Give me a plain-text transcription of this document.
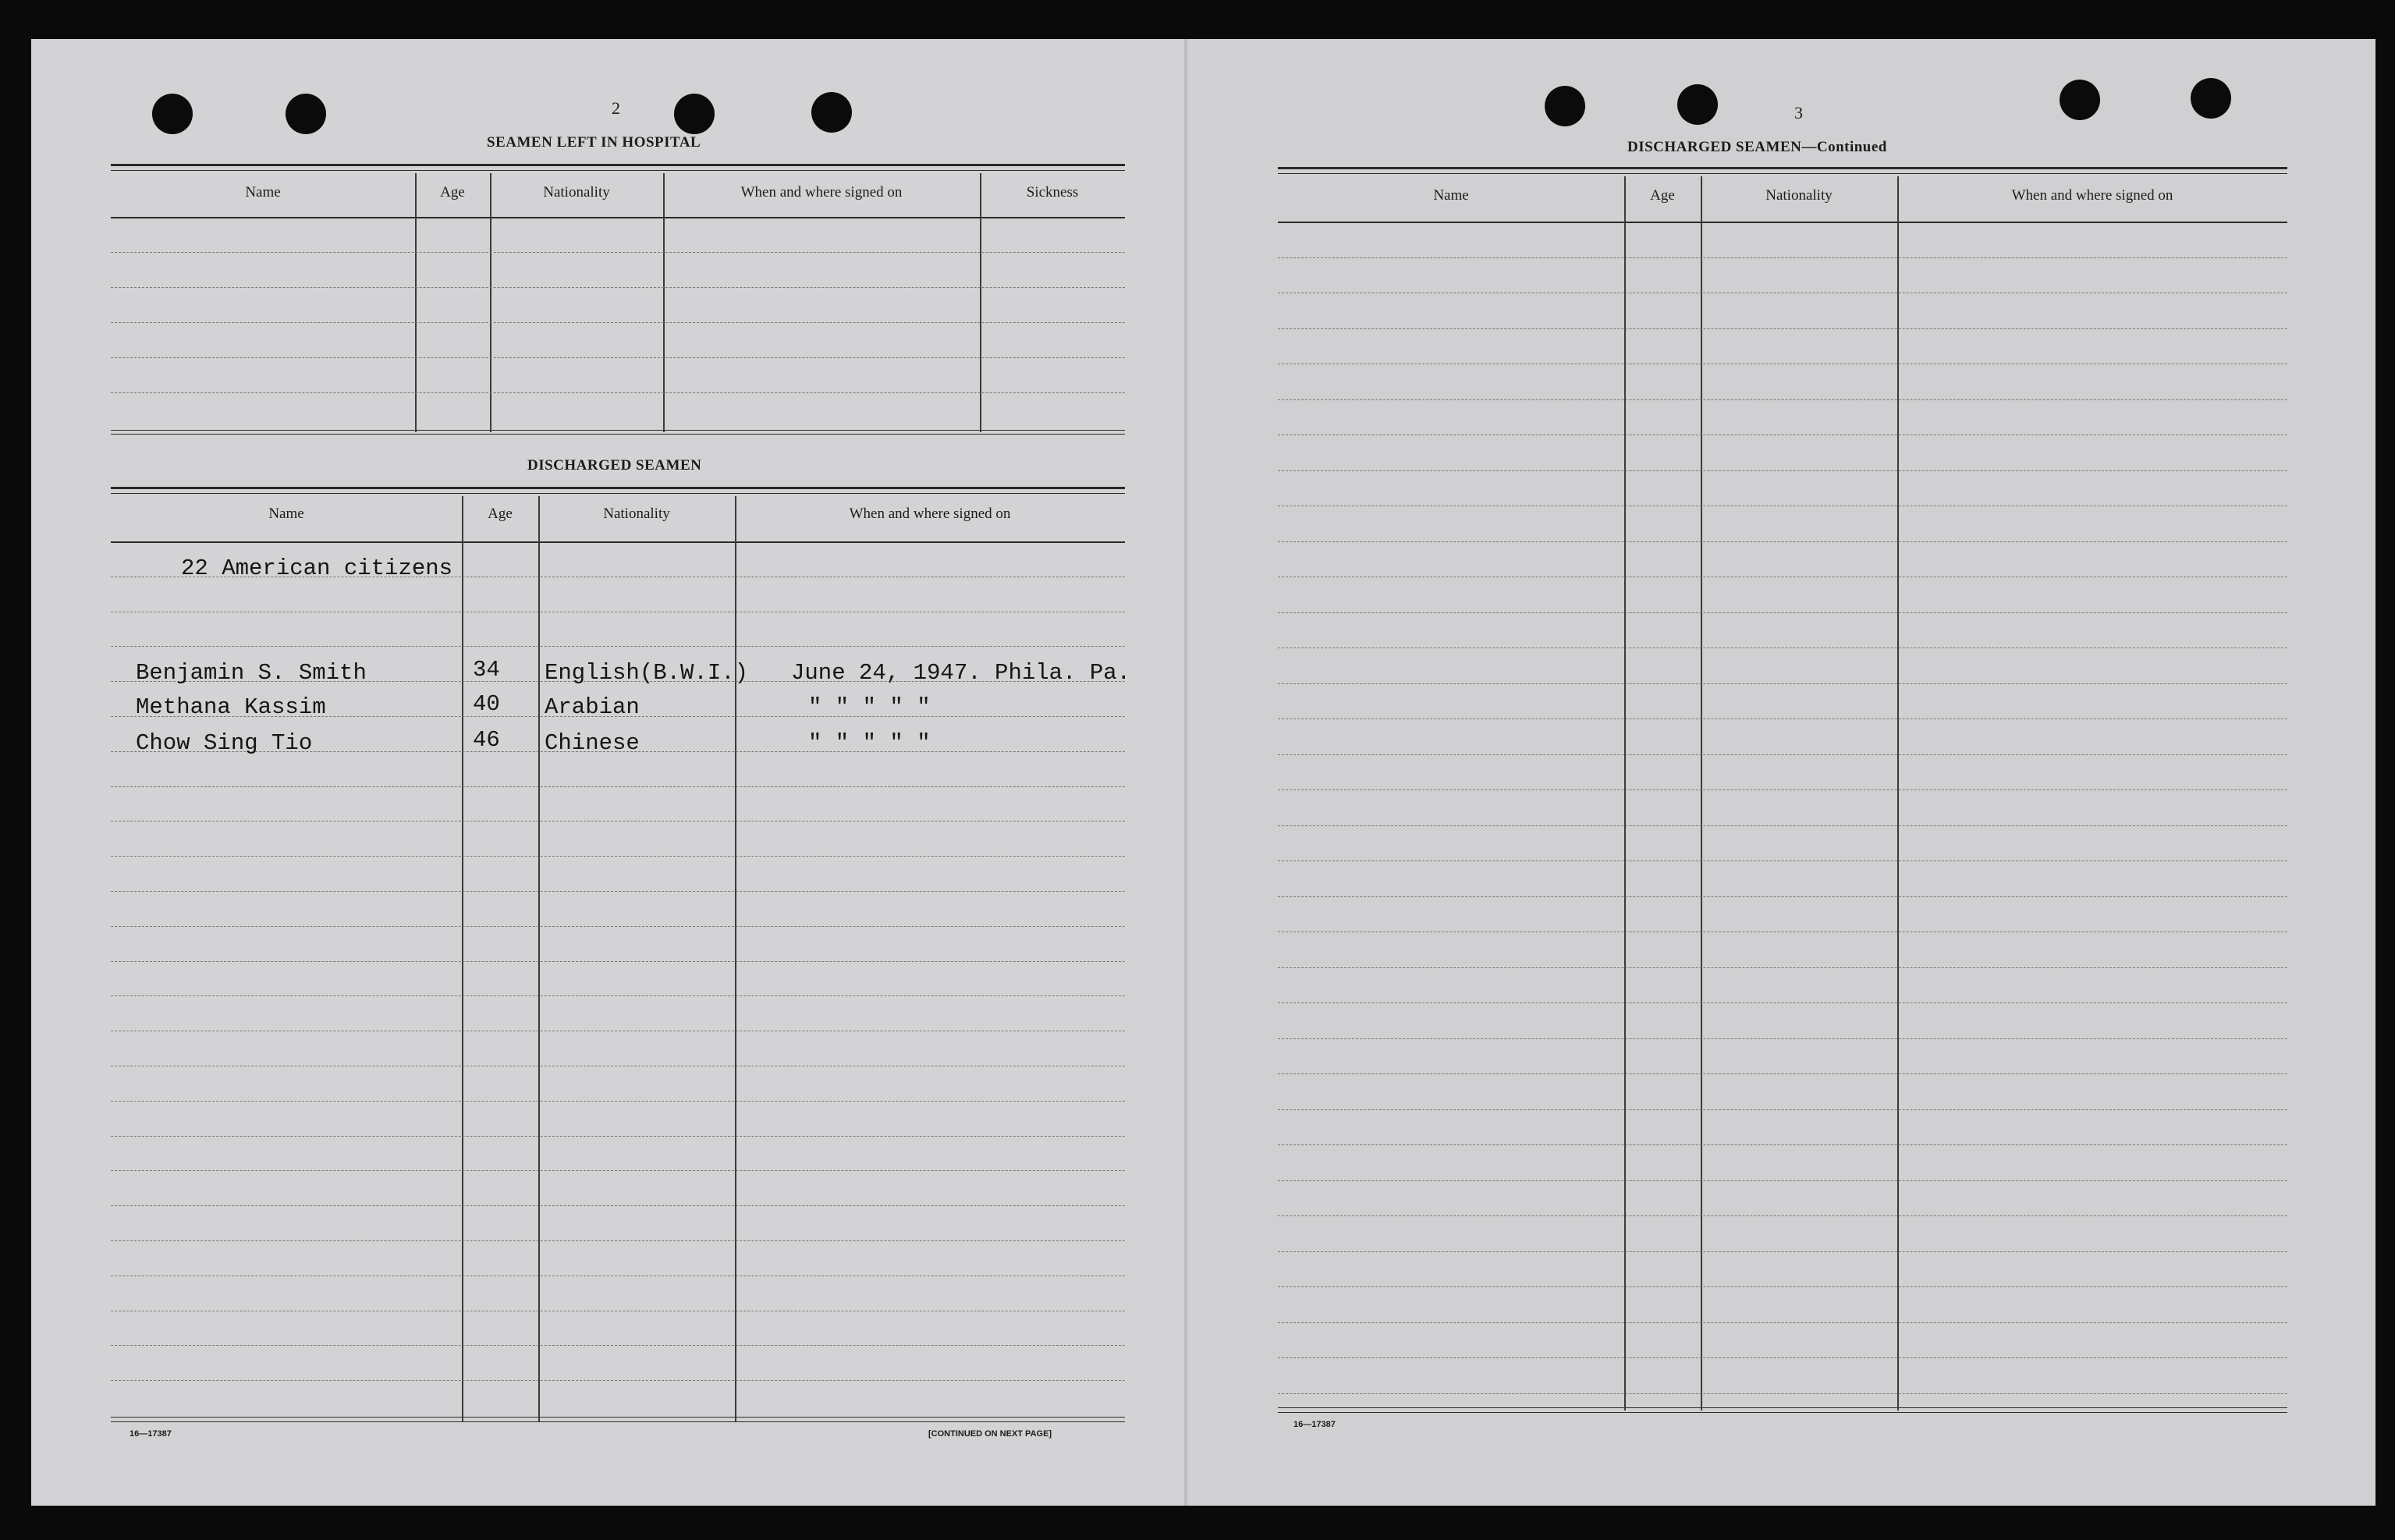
2
SEAMEN LEFT IN HOSPITAL
Name	Age	Nationality	When and where signed on	Sickness
DISCHARGED SEAMEN
Name	Age	Nationality	When and where signed on
22 American citizens
Benjamin S. Smith	34 English(B.W.I.) June 24, 1947. Phila. Pa.
Methana Kassim	40 Arabian	" " " " "
Chow Sing Tio	46 Chinese	" " " " "
16—17387	[CONTINUED ON NEXT PAGE]
3
DISCHARGED SEAMEN—Continued
Name	Age	Nationality	When and where signed on
16—17387
